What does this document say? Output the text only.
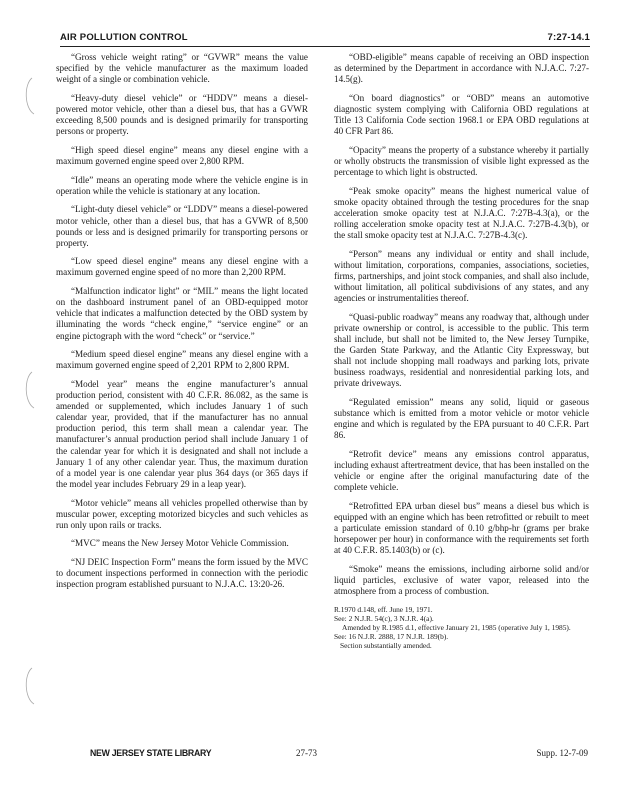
AIR POLLUTION CONTROL	7:27-14.1

“Gross vehicle weight rating” or “GVWR” means the value specified by the vehicle manufacturer as the maximum loaded weight of a single or combination vehicle.

“Heavy-duty diesel vehicle” or “HDDV” means a diesel-powered motor vehicle, other than a diesel bus, that has a GVWR exceeding 8,500 pounds and is designed primarily for transporting persons or property.

“High speed diesel engine” means any diesel engine with a maximum governed engine speed over 2,800 RPM.

“Idle” means an operating mode where the vehicle engine is in operation while the vehicle is stationary at any location.

“Light-duty diesel vehicle” or “LDDV” means a diesel-powered motor vehicle, other than a diesel bus, that has a GVWR of 8,500 pounds or less and is designed primarily for transporting persons or property.

“Low speed diesel engine” means any diesel engine with a maximum governed engine speed of no more than 2,200 RPM.

“Malfunction indicator light” or “MIL” means the light located on the dashboard instrument panel of an OBD-equipped motor vehicle that indicates a malfunction detected by the OBD system by illuminating the words “check engine,” “service engine” or an engine pictograph with the word “check” or “service.”

“Medium speed diesel engine” means any diesel engine with a maximum governed engine speed of 2,201 RPM to 2,800 RPM.

“Model year” means the engine manufacturer’s annual production period, consistent with 40 C.F.R. 86.082, as the same is amended or supplemented, which includes January 1 of such calendar year, provided, that if the manufacturer has no annual production period, this term shall mean a calendar year. The manufacturer’s annual production period shall include January 1 of the calendar year for which it is designated and shall not include a January 1 of any other calendar year. Thus, the maximum duration of a model year is one calendar year plus 364 days (or 365 days if the model year includes February 29 in a leap year).

“Motor vehicle” means all vehicles propelled otherwise than by muscular power, excepting motorized bicycles and such vehicles as run only upon rails or tracks.

“MVC” means the New Jersey Motor Vehicle Commission.

“NJ DEIC Inspection Form” means the form issued by the MVC to document inspections performed in connection with the periodic inspection program established pursuant to N.J.A.C. 13:20-26.

“OBD-eligible” means capable of receiving an OBD inspection as determined by the Department in accordance with N.J.A.C. 7:27-14.5(g).

“On board diagnostics” or “OBD” means an automotive diagnostic system complying with California OBD regulations at Title 13 California Code section 1968.1 or EPA OBD regulations at 40 CFR Part 86.

“Opacity” means the property of a substance whereby it partially or wholly obstructs the transmission of visible light expressed as the percentage to which light is obstructed.

“Peak smoke opacity” means the highest numerical value of smoke opacity obtained through the testing procedures for the snap acceleration smoke opacity test at N.J.A.C. 7:27B-4.3(a), or the rolling acceleration smoke opacity test at N.J.A.C. 7:27B-4.3(b), or the stall smoke opacity test at N.J.A.C. 7:27B-4.3(c).

“Person” means any individual or entity and shall include, without limitation, corporations, companies, associations, societies, firms, partnerships, and joint stock companies, and shall also include, without limitation, all political subdivisions of any states, and any agencies or instrumentalities thereof.

“Quasi-public roadway” means any roadway that, although under private ownership or control, is accessible to the public. This term shall include, but shall not be limited to, the New Jersey Turnpike, the Garden State Parkway, and the Atlantic City Expressway, but shall not include shopping mall roadways and parking lots, private business roadways, residential and nonresidential parking lots, and private driveways.

“Regulated emission” means any solid, liquid or gaseous substance which is emitted from a motor vehicle or motor vehicle engine and which is regulated by the EPA pursuant to 40 C.F.R. Part 86.

“Retrofit device” means any emissions control apparatus, including exhaust aftertreatment device, that has been installed on the vehicle or engine after the original manufacturing date of the complete vehicle.

“Retrofitted EPA urban diesel bus” means a diesel bus which is equipped with an engine which has been retrofitted or rebuilt to meet a particulate emission standard of 0.10 g/bhp-hr (grams per brake horsepower per hour) in conformance with the requirements set forth at 40 C.F.R. 85.1403(b) or (c).

“Smoke” means the emissions, including airborne solid and/or liquid particles, exclusive of water vapor, released into the atmosphere from a process of combustion.

R.1970 d.148, eff. June 19, 1971.
See: 2 N.J.R. 54(c), 3 N.J.R. 4(a).
Amended by R.1985 d.1, effective January 21, 1985 (operative July 1, 1985).
See: 16 N.J.R. 2888, 17 N.J.R. 189(b).
Section substantially amended.
NEW JERSEY STATE LIBRARY	27-73	Supp. 12-7-09
